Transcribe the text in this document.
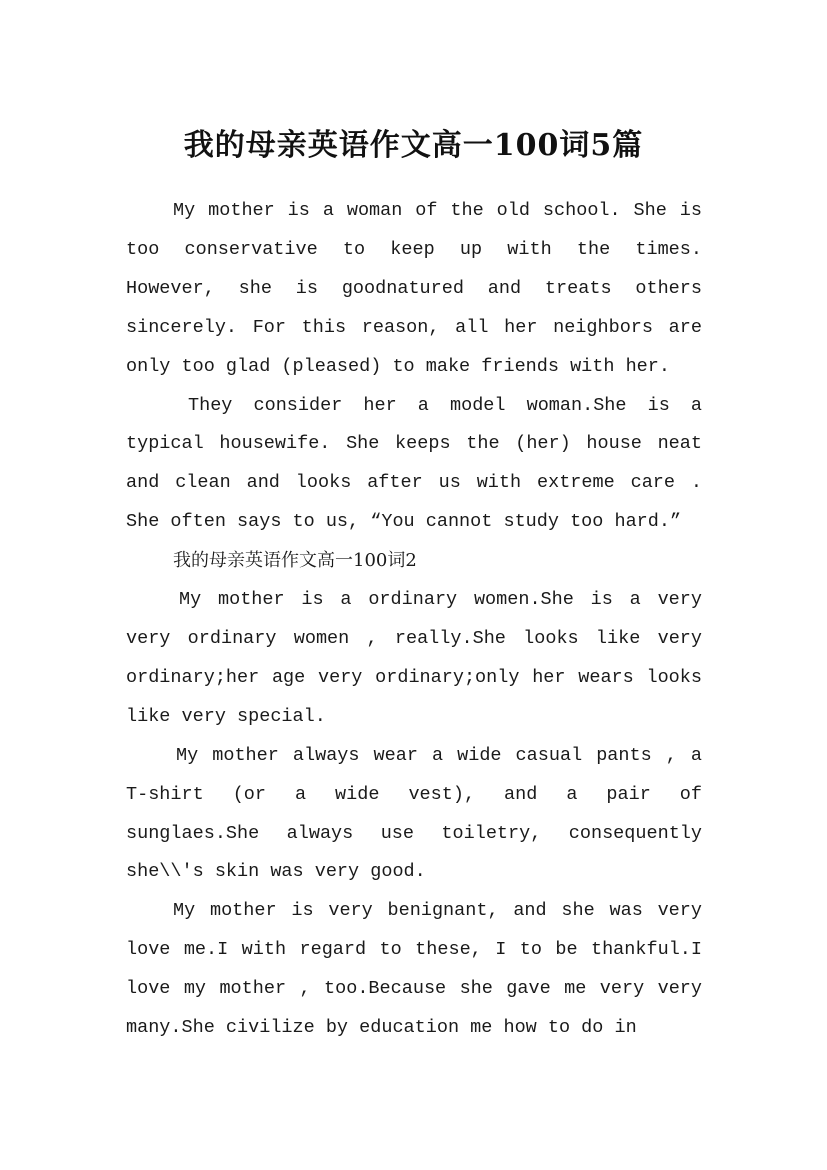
我的母亲英语作文高一100词5篇

My mother is a woman of the old school. She is too conservative to keep up with the times. However, she is goodnatured and treats others sincerely. For this reason, all her neighbors are only too glad (pleased) to make friends with her.

They consider her a model woman.She is a typical housewife. She keeps the (her) house neat and clean and looks after us with extreme care . She often says to us, “You cannot study too hard.”

我的母亲英语作文高一100词2

My mother is a ordinary women.She is a very very ordinary women , really.She looks like very ordinary;her age very ordinary;only her wears looks like very special.

My mother always wear a wide casual pants , a T-shirt (or a wide vest), and a pair of sunglaes.She always use toiletry, consequently she\\'s skin was very good.

My mother is very benignant, and she was very love me.I with regard to these, I to be thankful.I love my mother , too.Because she gave me very very many.She civilize by education me how to do in
